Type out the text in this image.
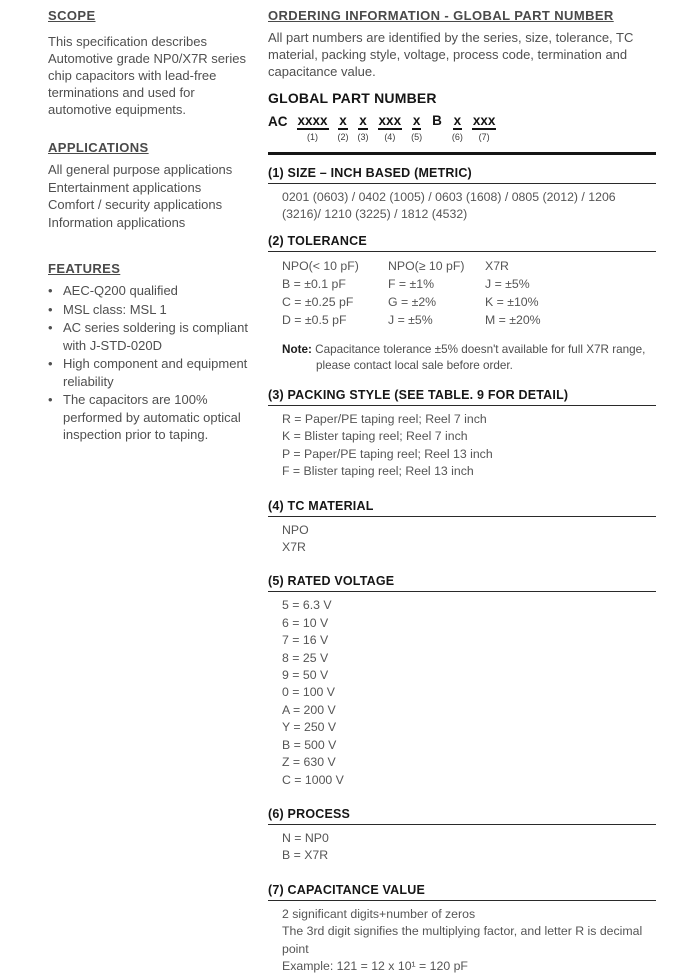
SCOPE

This specification describes Automotive grade NP0/X7R series chip capacitors with lead-free terminations and used for automotive equipments.

APPLICATIONS
All general purpose applications
Entertainment applications
Comfort / security applications
Information applications
FEATURES
• AEC-Q200 qualified
• MSL class: MSL 1
• AC series soldering is compliant with J-STD-020D
• High component and equipment reliability
• The capacitors are 100% performed by automatic optical inspection prior to taping.
ORDERING INFORMATION - GLOBAL PART NUMBER

All part numbers are identified by the series, size, tolerance, TC material, packing style, voltage, process code, termination and capacitance value.

GLOBAL PART NUMBER
AC xxxx
(1)
x
(2)
x
(3)
xxx
(4)
x
(5)
B x
(6)
xxx
(7)
(1) SIZE – INCH BASED (METRIC)
0201 (0603) / 0402 (1005) / 0603 (1608) / 0805 (2012) / 1206 (3216)/ 1210 (3225) / 1812 (4532)
(2) TOLERANCE
NPO(< 10 pF)
B = ±0.1 pF
C = ±0.25 pF
D = ±0.5 pF
NPO(≥ 10 pF)
F = ±1%
G = ±2%
J = ±5%
X7R
J = ±5%
K = ±10%
M = ±20%
Note: Capacitance tolerance ±5% doesn't available for full X7R range,
please contact local sale before order.
(3) PACKING STYLE (SEE TABLE. 9 FOR DETAIL)
R = Paper/PE taping reel; Reel 7 inch
K = Blister taping reel; Reel 7 inch
P = Paper/PE taping reel; Reel 13 inch
F = Blister taping reel; Reel 13 inch
(4) TC MATERIAL
NPO
X7R
(5) RATED VOLTAGE
5 = 6.3 V
6 = 10 V
7 = 16 V
8 = 25 V
9 = 50 V
0 = 100 V
A = 200 V
Y = 250 V
B = 500 V
Z = 630 V
C = 1000 V
(6) PROCESS
N = NP0
B = X7R
(7) CAPACITANCE VALUE
2 significant digits+number of zeros
The 3rd digit signifies the multiplying factor, and letter R is decimal point
Example: 121 = 12 x 10¹ = 120 pF
